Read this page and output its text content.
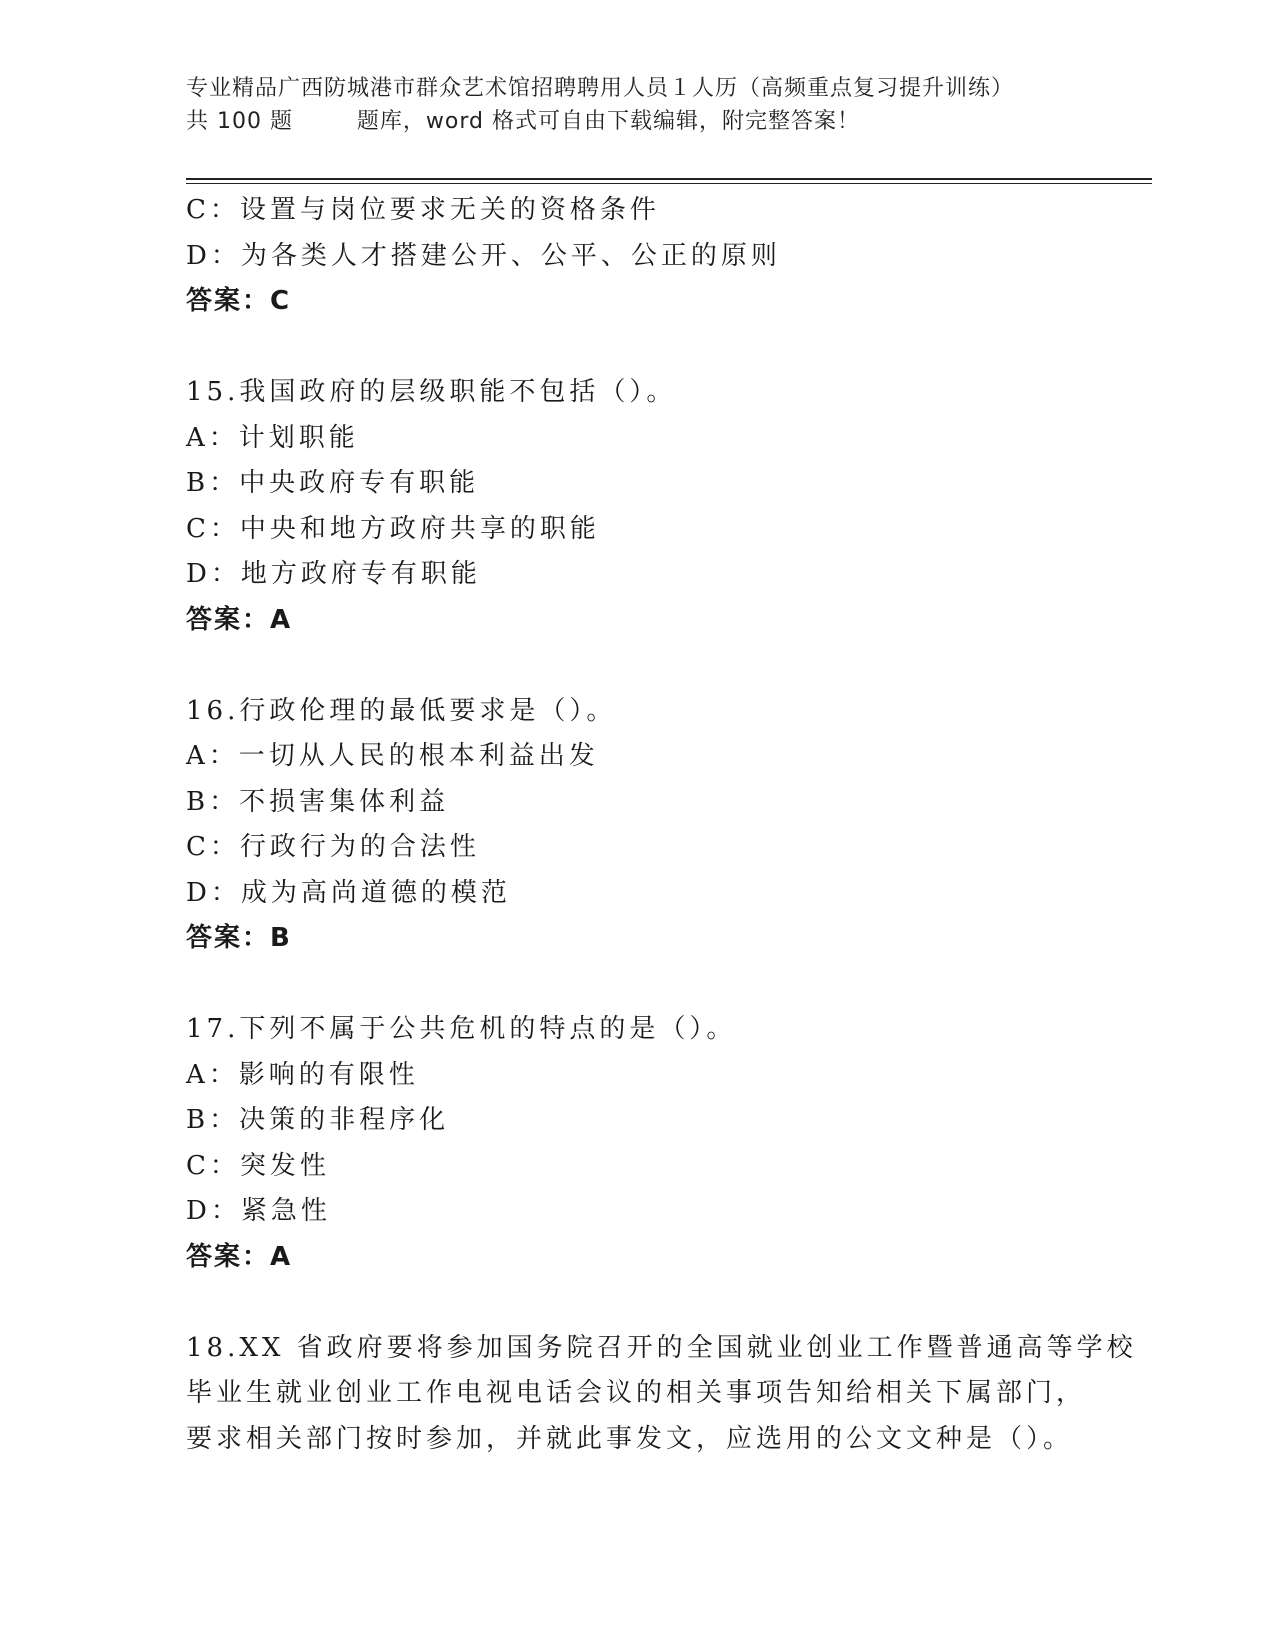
专业精品广西防城港市群众艺术馆招聘聘用人员１人历（高频重点复习提升训练）
共 100 题        题库，word 格式可自由下载编辑，附完整答案！
C：设置与岗位要求无关的资格条件
D：为各类人才搭建公开、公平、公正的原则
答案：C
15.我国政府的层级职能不包括（）。
A：计划职能
B：中央政府专有职能
C：中央和地方政府共享的职能
D：地方政府专有职能
答案：A
16.行政伦理的最低要求是（）。
A：一切从人民的根本利益出发
B：不损害集体利益
C：行政行为的合法性
D：成为高尚道德的模范
答案：B
17.下列不属于公共危机的特点的是（）。
A：影响的有限性
B：决策的非程序化
C：突发性
D：紧急性
答案：A
18.XX 省政府要将参加国务院召开的全国就业创业工作暨普通高等学校
毕业生就业创业工作电视电话会议的相关事项告知给相关下属部门，
要求相关部门按时参加，并就此事发文，应选用的公文文种是（）。
